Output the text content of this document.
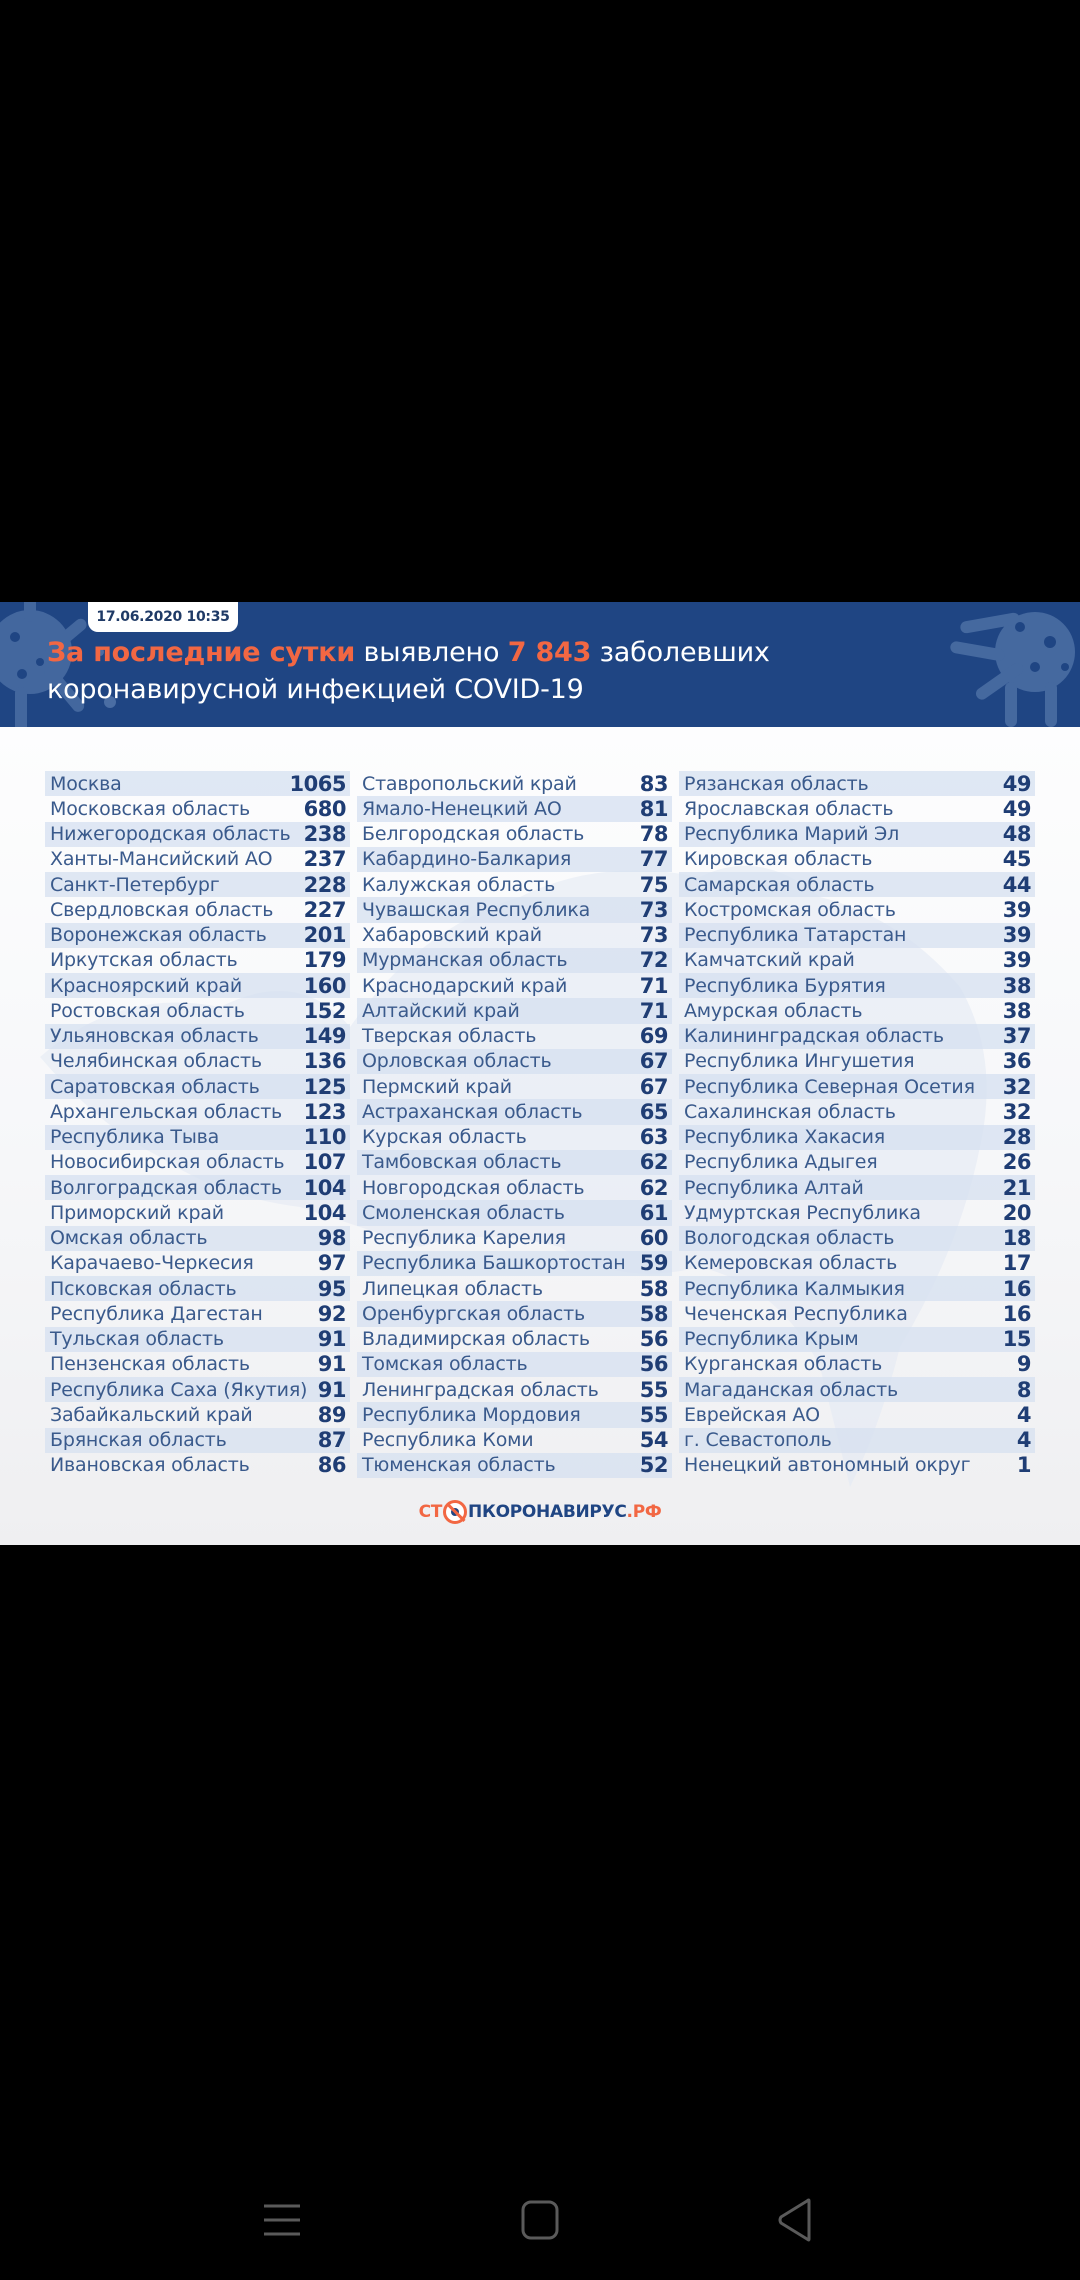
17.06.2020 10:35
За последние сутки выявлено 7 843 заболевших
коронавирусной инфекцией COVID-19
Москва	1065
Московская область	680
Нижегородская область 238
Ханты-Мансийский АО 237
Санкт-Петербург	228
Свердловская область 227
Воронежская область 201
Иркутская область	179
Красноярский край	160
Ростовская область	152
Ульяновская область 149
Челябинская область 136
Саратовская область 125
Архангельская область 123
Республика Тыва	110
Новосибирская область 107
Волгоградская область 104
Приморский край	104
Омская область	98
Карачаево-Черкесия	97
Псковская область	95
Республика Дагестан	92
Тульская область	91
Пензенская область	91
Республика Саха (Якутия) 91
Забайкальский край	89
Брянская область	87
Ивановская область	86
Ставропольский край	83
Ямало-Ненецкий АО	81
Белгородская область	78
Кабардино-Балкария	77
Калужская область	75
Чувашская Республика 73
Хабаровский край	73
Мурманская область	72
Краснодарский край	71
Алтайский край	71
Тверская область	69
Орловская область	67
Пермский край	67
Астраханская область	65
Курская область	63
Тамбовская область	62
Новгородская область	62
Смоленская область	61
Республика Карелия	60
Республика Башкортостан 59
Липецкая область	58
Оренбургская область	58
Владимирская область 56
Томская область	56
Ленинградская область 55
Республика Мордовия	55
Республика Коми	54
Тюменская область	52
Рязанская область	49
Ярославская область	49
Республика Марий Эл	48
Кировская область	45
Самарская область	44
Костромская область	39
Республика Татарстан	39
Камчатский край	39
Республика Бурятия	38
Амурская область	38
Калининградская область	37
Республика Ингушетия	36
Республика Северная Осетия 32
Сахалинская область	32
Республика Хакасия	28
Республика Адыгея	26
Республика Алтай	21
Удмуртская Республика	20
Вологодская область	18
Кемеровская область	17
Республика Калмыкия	16
Чеченская Республика	16
Республика Крым	15
Курганская область	9
Магаданская область	8
Еврейская АО	4
г. Севастополь	4
Ненецкий автономный округ 1
СТ ПКОРОНАВИРУС .РФ
